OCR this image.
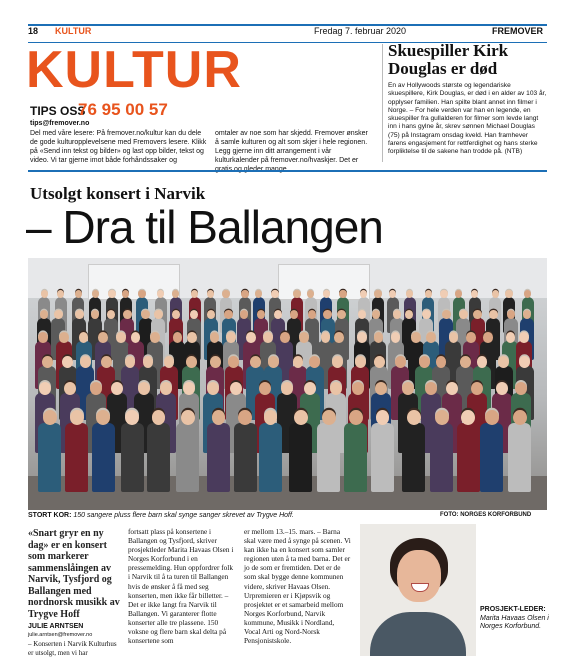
18 KULTUR	Fredag 7. februar 2020	FREMOVER
KULTUR
TIPS OSS
76 95 00 57
tips@fremover.no
Del med våre lesere: På fremover.no/kultur kan du dele de gode kulturopplevelsene med Fremovers lesere. Klikk på «Send inn tekst og bilder» og last opp bilder, tekst og video. Vi tar gjerne imot både forhåndssaker og
omtaler av noe som har skjedd. Fremover ønsker å samle kulturen og alt som skjer i hele regionen. Legg gjerne inn ditt arrangement i vår kulturkalender på fremover.no/hvaskjer. Det er
Skuespiller Kirk Douglas er død
En av Hollywoods største og legendariske skuespillere, Kirk Douglas, er død i en alder av 103 år, opplyser familien. Han spilte blant annet inn filmer i Norge. – For hele verden var han en legende, en skuespiller fra gullalderen for filmer som levde langt inn i hans gylne år, skrev sønnen Michael Douglas (75) på Instagram onsdag kveld. Han framhever farens engasjement for rettferdighet og hans sterke forpliktelse til de sakene han trodde på. (NTB)
Utsolgt konsert i Narvik
– Dra til Ballangen
STORT KOR: 150 sangere pluss flere barn skal synge sanger skrevet av Trygve Hoff.	FOTO: NORGES KORFORBUND
«Snart gryr en ny dag» er en konsert som markerer sammenslåingen av Narvik, Tysfjord og Ballangen med nordnorsk musikk av Trygve Hoff
JULIE ARNTSEN
julie.arntsen@fremover.no
– Konserten i Narvik Kulturhus er utsolgt, men vi har
fortsatt plass på konsertene i Ballangen og Tysfjord, skriver prosjektleder Marita Havaas Olsen i Norges Korforbund i en pressemelding. Hun oppfordrer folk i Narvik til å ta turen til Ballangen hvis de ønsker å få med seg konserten, men ikke får billetter. – Det er ikke langt fra Narvik til Ballangen. Vi garanterer flotte konserter alle tre plassene. 150 voksne og flere barn skal delta på konsertene som
er mellom 13.–15. mars. – Barna skal være med å synge på scenen. Vi kan ikke ha en konsert som samler regionen uten å ta med barna. Det er jo de som er fremtiden. Det er de som skal bygge denne kommunen videre, skriver Havaas Olsen. Urpremieren er i Kjøpsvik og prosjektet er et samarbeid mellom Norges Korforbund, Narvik kommune, Musikk i Nordland, Vocal Arti og Nord-Norsk Pensjonistskole.
PROSJEKT-LEDER: Marita Havaas Olsen i Norges Korforbund.
